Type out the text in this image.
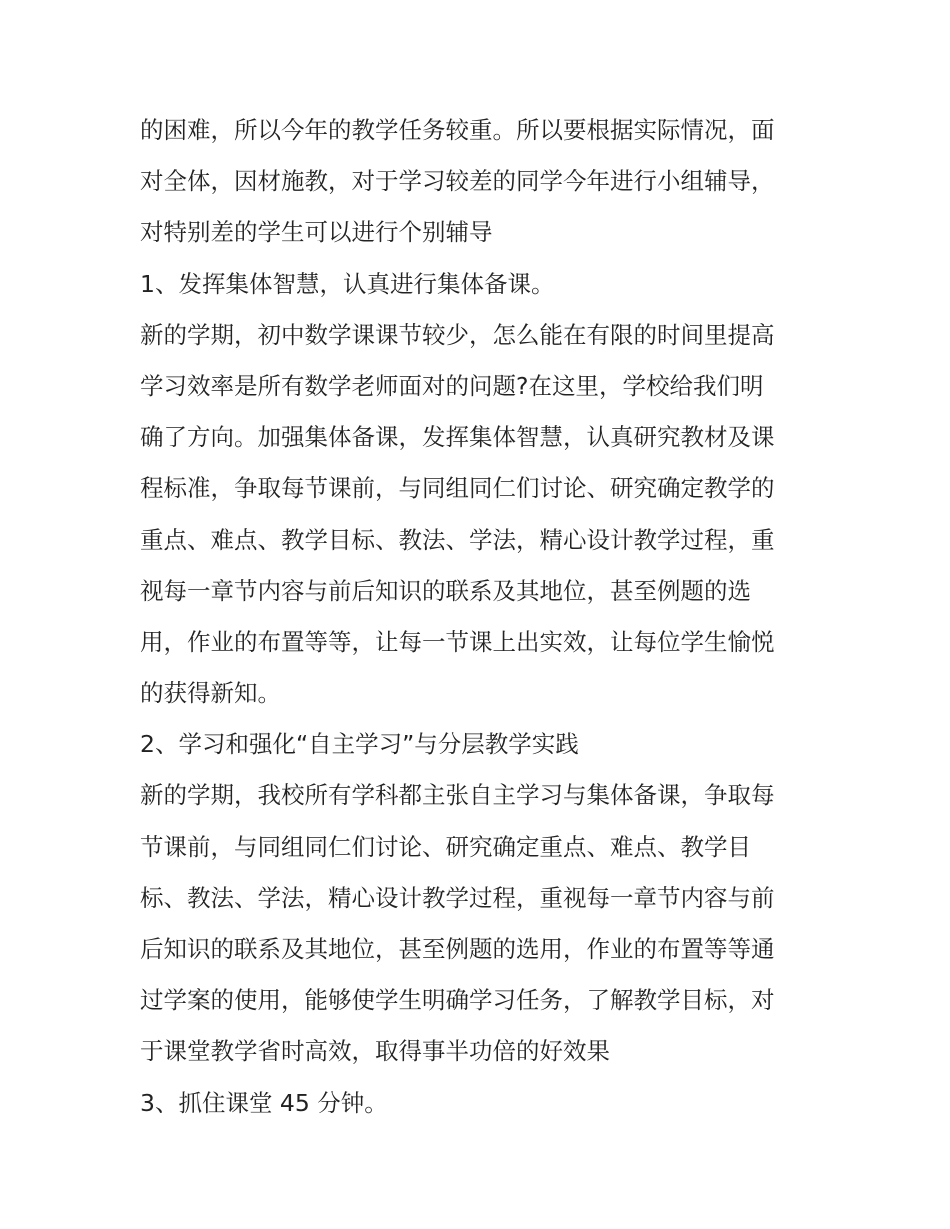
的困难，所以今年的教学任务较重。所以要根据实际情况，面
对全体，因材施教，对于学习较差的同学今年进行小组辅导，
对特别差的学生可以进行个别辅导
1、发挥集体智慧，认真进行集体备课。
新的学期，初中数学课课节较少，怎么能在有限的时间里提高
学习效率是所有数学老师面对的问题?在这里，学校给我们明
确了方向。加强集体备课，发挥集体智慧，认真研究教材及课
程标准，争取每节课前，与同组同仁们讨论、研究确定教学的
重点、难点、教学目标、教法、学法，精心设计教学过程，重
视每一章节内容与前后知识的联系及其地位，甚至例题的选
用，作业的布置等等，让每一节课上出实效，让每位学生愉悦
的获得新知。
2、学习和强化“自主学习”与分层教学实践
新的学期，我校所有学科都主张自主学习与集体备课，争取每
节课前，与同组同仁们讨论、研究确定重点、难点、教学目
标、教法、学法，精心设计教学过程，重视每一章节内容与前
后知识的联系及其地位，甚至例题的选用，作业的布置等等通
过学案的使用，能够使学生明确学习任务，了解教学目标，对
于课堂教学省时高效，取得事半功倍的好效果
3、抓住课堂 45 分钟。
